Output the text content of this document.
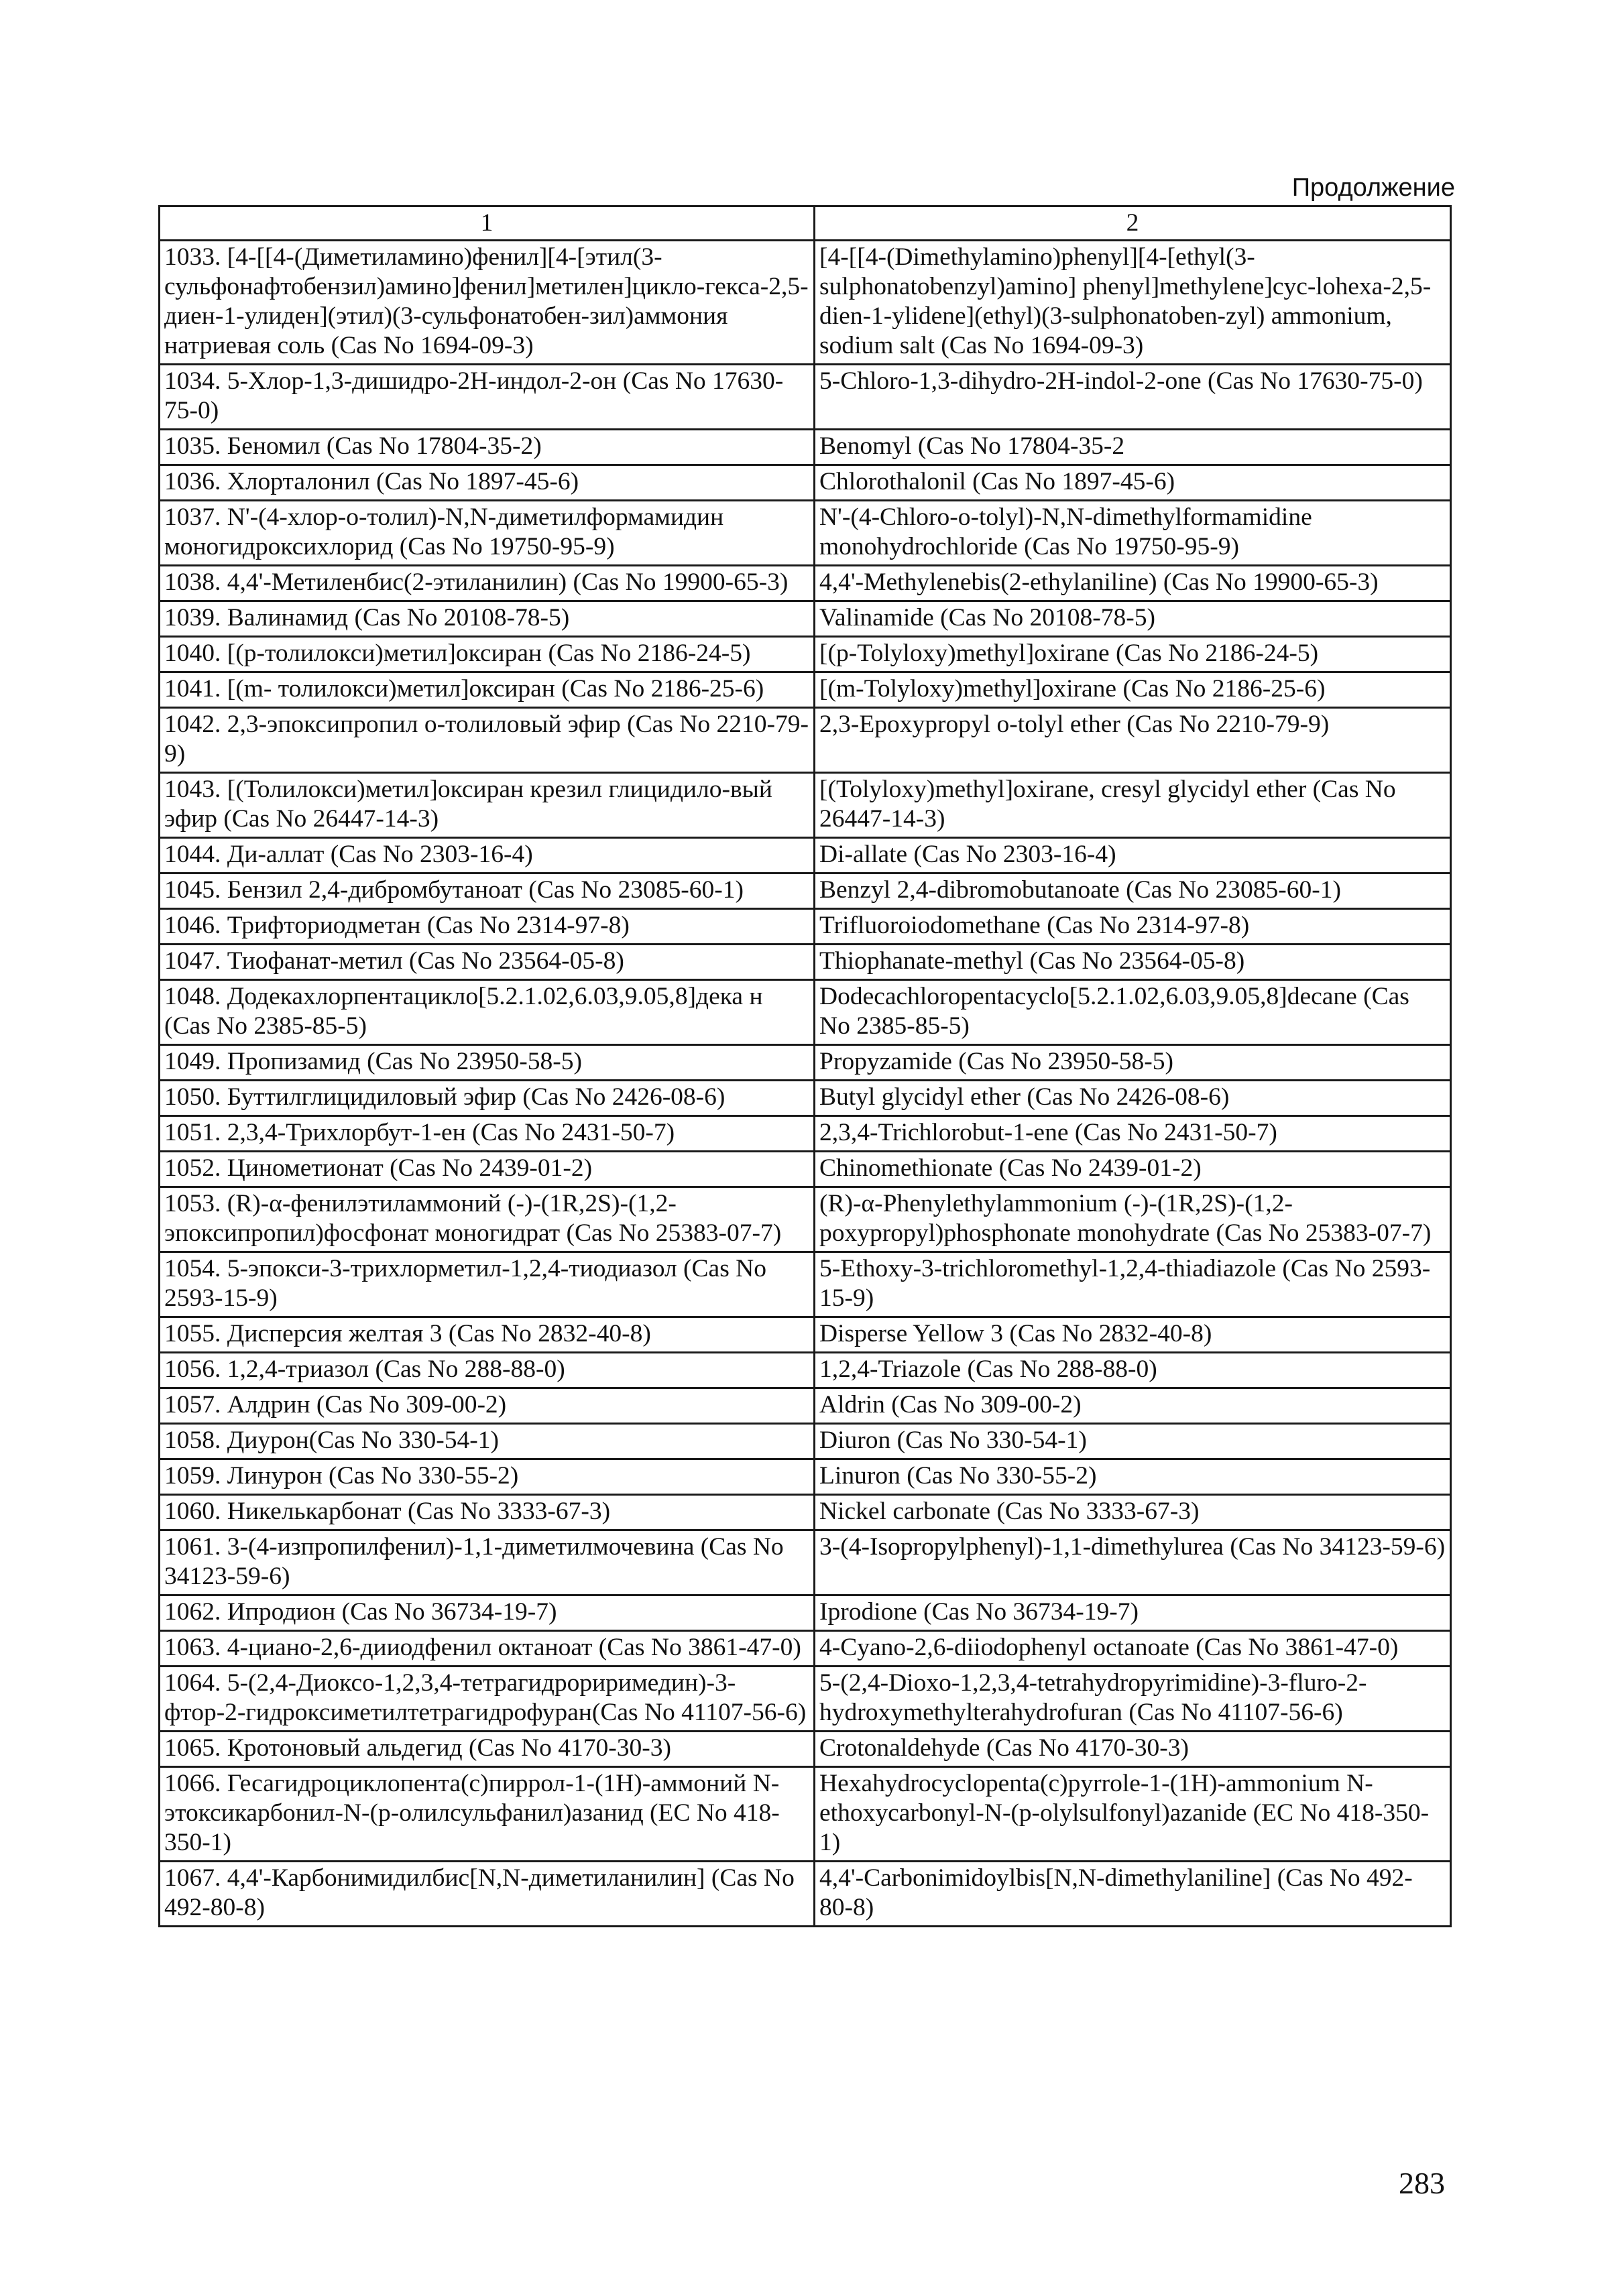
Продолжение
1	2
1033. [4-[[4-(Диметиламино)фенил][4-[этил(3-сульфонафтобензил)амино]фенил]метилен]цикло-гекса-2,5-диен-1-улиден](этил)(3-сульфонатобен-зил)аммония натриевая соль (Cas No 1694-09-3)	[4-[[4-(Dimethylamino)phenyl][4-[ethyl(3-sulphonatobenzyl)amino] phenyl]methylene]cyc-lohexa-2,5-dien-1-ylidene](ethyl)(3-sulphonatoben-zyl) ammonium, sodium salt (Cas No 1694-09-3)
1034. 5-Хлор-1,3-дишидро-2H-индол-2-он (Cas No 17630-75-0)	5-Chloro-1,3-dihydro-2H-indol-2-one (Cas No 17630-75-0)
1035. Беномил (Cas No 17804-35-2)	Benomyl (Cas No 17804-35-2
1036. Хлорталонил (Cas No 1897-45-6)	Chlorothalonil (Cas No 1897-45-6)
1037. N'-(4-хлор-о-толил)-N,N-диметилформамидин моногидроксихлорид (Cas No 19750-95-9)	N'-(4-Chloro-o-tolyl)-N,N-dimethylformamidine monohydrochloride (Cas No 19750-95-9)
1038. 4,4'-Метиленбис(2-этиланилин) (Cas No 19900-65-3)	4,4'-Methylenebis(2-ethylaniline) (Cas No 19900-65-3)
1039. Валинамид (Cas No 20108-78-5)	Valinamide (Cas No 20108-78-5)
1040. [(p-толилокси)метил]оксиран (Cas No 2186-24-5)	[(p-Tolyloxy)methyl]oxirane (Cas No 2186-24-5)
1041. [(m- толилокси)метил]оксиран (Cas No 2186-25-6)	[(m-Tolyloxy)methyl]oxirane (Cas No 2186-25-6)
1042. 2,3-эпоксипропил о-толиловый эфир (Cas No 2210-79-9)	2,3-Epoxypropyl o-tolyl ether (Cas No 2210-79-9)
1043. [(Толилокси)метил]оксиран крезил глицидило-вый эфир (Cas No 26447-14-3)	[(Tolyloxy)methyl]oxirane, cresyl glycidyl ether (Cas No 26447-14-3)
1044. Ди-аллат (Cas No 2303-16-4)	Di-allate (Cas No 2303-16-4)
1045. Бензил 2,4-дибромбутаноат (Cas No 23085-60-1)	Benzyl 2,4-dibromobutanoate (Cas No 23085-60-1)
1046. Трифториодметан (Cas No 2314-97-8)	Trifluoroiodomethane (Cas No 2314-97-8)
1047. Тиофанат-метил (Cas No 23564-05-8)	Thiophanate-methyl (Cas No 23564-05-8)
1048. Додекахлорпентацикло[5.2.1.02,6.03,9.05,8]дека н (Cas No 2385-85-5)	Dodecachloropentacyclo[5.2.1.02,6.03,9.05,8]decane (Cas No 2385-85-5)
1049. Пропизамид (Cas No 23950-58-5)	Propyzamide (Cas No 23950-58-5)
1050. Буттилглицидиловый эфир (Cas No 2426-08-6)	Butyl glycidyl ether (Cas No 2426-08-6)
1051. 2,3,4-Трихлорбут-1-ен (Cas No 2431-50-7)	2,3,4-Trichlorobut-1-ene (Cas No 2431-50-7)
1052. Цинометионат (Cas No 2439-01-2)	Chinomethionate (Cas No 2439-01-2)
1053. (R)-α-фенилэтиламмоний (-)-(1R,2S)-(1,2-эпоксипропил)фосфонат моногидрат (Cas No 25383-07-7)	(R)-α-Phenylethylammonium (-)-(1R,2S)-(1,2-poxypropyl)phosphonate monohydrate (Cas No 25383-07-7)
1054. 5-эпокси-3-трихлорметил-1,2,4-тиодиазол (Cas No 2593-15-9)	5-Ethoxy-3-trichloromethyl-1,2,4-thiadiazole (Cas No 2593-15-9)
1055. Дисперсия желтая 3 (Cas No 2832-40-8)	Disperse Yellow 3 (Cas No 2832-40-8)
1056. 1,2,4-триазол (Cas No 288-88-0)	1,2,4-Triazole (Cas No 288-88-0)
1057. Алдрин (Cas No 309-00-2)	Aldrin (Cas No 309-00-2)
1058. Диурон(Cas No 330-54-1)	Diuron (Cas No 330-54-1)
1059. Линурон (Cas No 330-55-2)	Linuron (Cas No 330-55-2)
1060. Никелькарбонат (Cas No 3333-67-3)	Nickel carbonate (Cas No 3333-67-3)
1061. 3-(4-изпропилфенил)-1,1-диметилмочевина (Cas No 34123-59-6)	3-(4-Isopropylphenyl)-1,1-dimethylurea (Cas No 34123-59-6)
1062. Ипродион (Cas No 36734-19-7)	Iprodione (Cas No 36734-19-7)
1063. 4-циано-2,6-дииодфенил октаноат (Cas No 3861-47-0)	4-Cyano-2,6-diiodophenyl octanoate (Cas No 3861-47-0)
1064. 5-(2,4-Диоксо-1,2,3,4-тетрагидрориримедин)-3-фтор-2-гидроксиметилтетрагидрофуран(Cas No 41107-56-6)	5-(2,4-Dioxo-1,2,3,4-tetrahydropyrimidine)-3-fluro-2-hydroxymethylterahydrofuran (Cas No 41107-56-6)
1065. Кротоновый альдегид (Cas No 4170-30-3)	Crotonaldehyde (Cas No 4170-30-3)
1066. Гесагидроциклопента(с)пиррол-1-(1H)-аммоний N-этоксикарбонил-N-(p-олилсульфанил)азанид (EC No 418-350-1)	Hexahydrocyclopenta(c)pyrrole-1-(1H)-ammonium N-ethoxycarbonyl-N-(p-olylsulfonyl)azanide (EC No 418-350-1)
1067. 4,4'-Карбонимидилбис[N,N-диметиланилин] (Cas No 492-80-8)	4,4'-Carbonimidoylbis[N,N-dimethylaniline] (Cas No 492-80-8)
283
